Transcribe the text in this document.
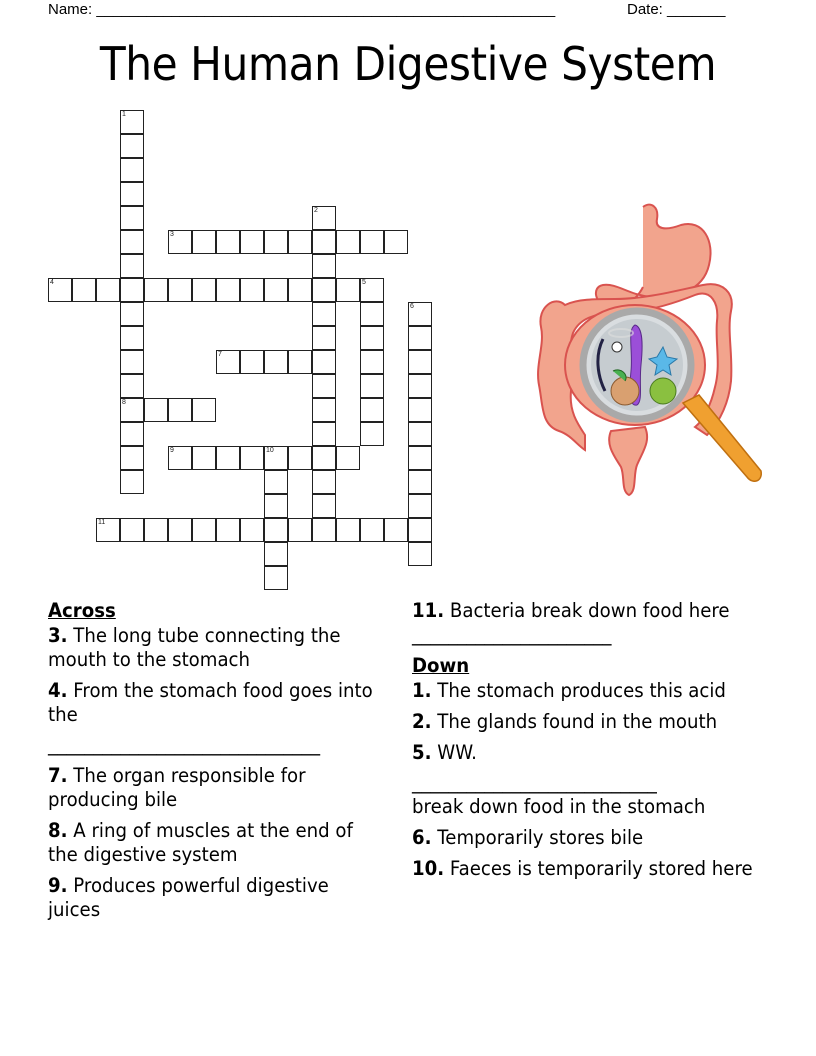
Name: _______________________________________________________	Date: _______
The Human Digestive System
1
8
2
3
4	5
6
7
9	10
11
Across
3. The long tube connecting the mouth to the stomach
4. From the stomach food goes into the
______________________________
7. The organ responsible for producing bile
8. A ring of muscles at the end of the digestive system
9. Produces powerful digestive juices
11. Bacteria break down food here ______________________
Down
1. The stomach produces this acid
2. The glands found in the mouth
5. WW.
___________________________
break down food in the stomach
6. Temporarily stores bile
10. Faeces is temporarily stored here
